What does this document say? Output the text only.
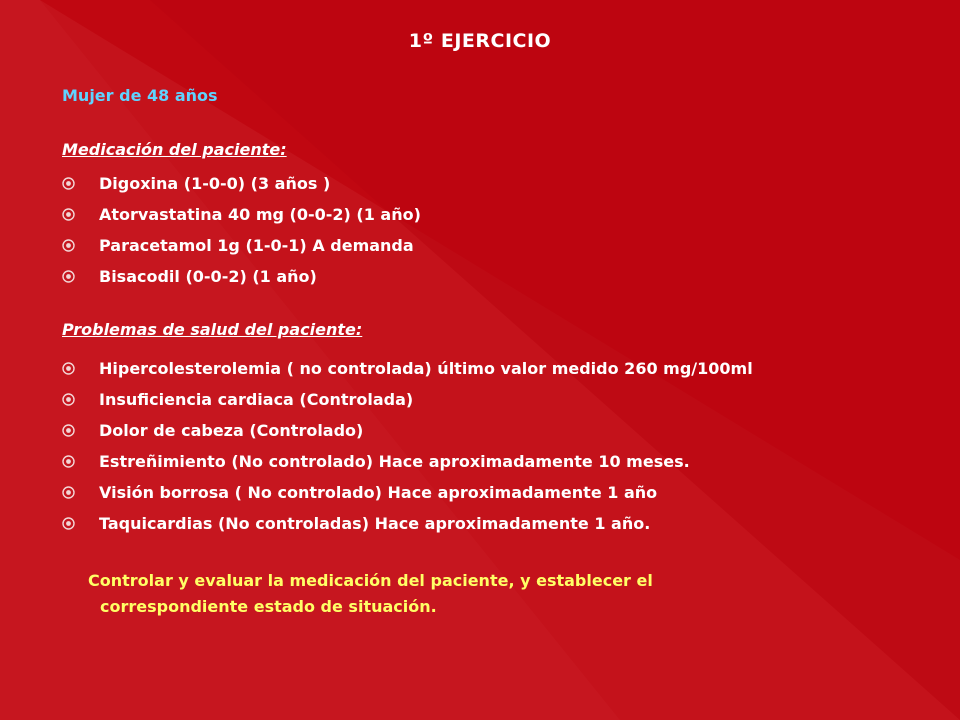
1º EJERCICIO
Mujer de 48 años
Medicación del paciente:
Digoxina (1-0-0) (3 años )
Atorvastatina 40 mg (0-0-2) (1 año)
Paracetamol 1g (1-0-1) A demanda
Bisacodil (0-0-2) (1 año)
Problemas de salud del paciente:
Hipercolesterolemia ( no controlada) último valor medido 260 mg/100ml
Insuficiencia cardiaca (Controlada)
Dolor de cabeza (Controlado)
Estreñimiento (No controlado) Hace aproximadamente 10 meses.
Visión borrosa ( No controlado) Hace aproximadamente 1 año
Taquicardias (No controladas) Hace aproximadamente 1 año.
Controlar y evaluar la medicación del paciente, y establecer el
correspondiente estado de situación.
